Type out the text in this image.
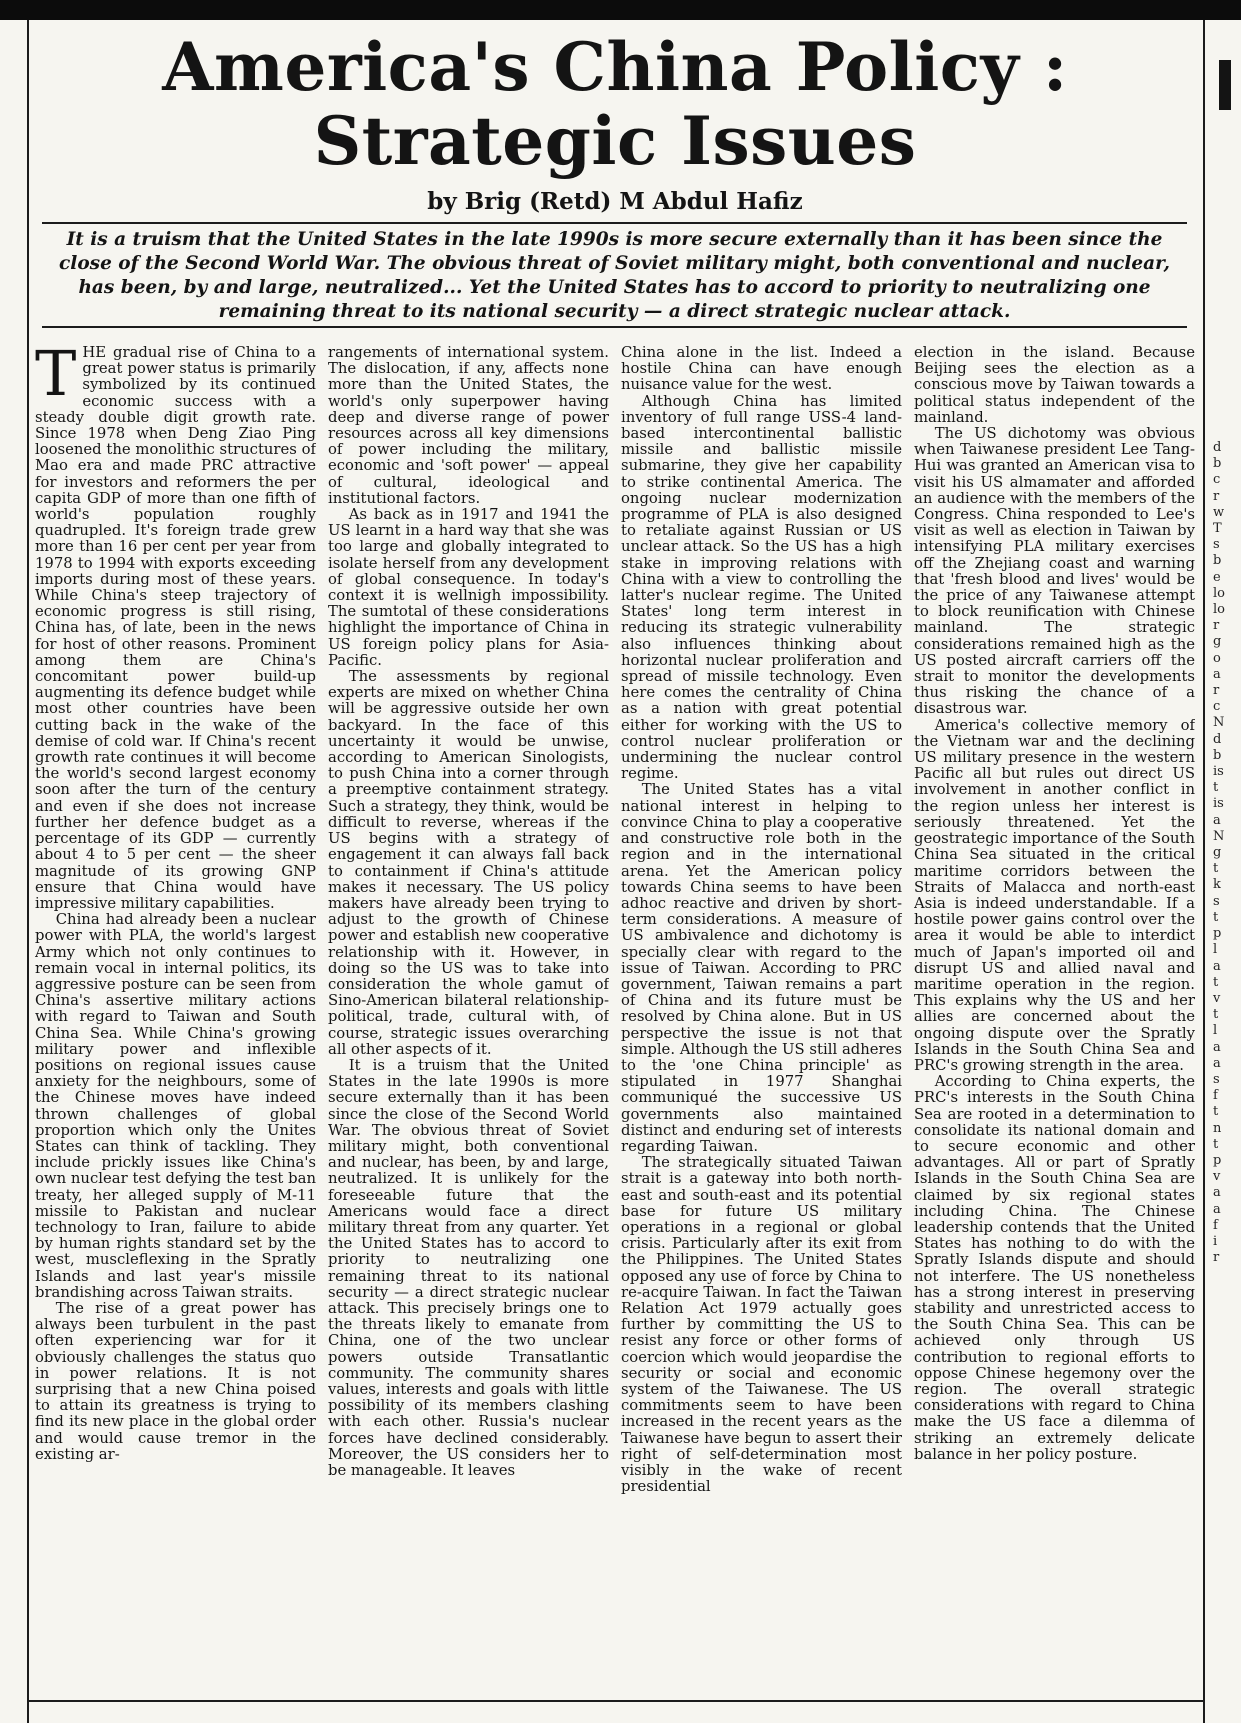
America's China Policy :
Strategic Issues
by Brig (Retd) M Abdul Hafiz
It is a truism that the United States in the late 1990s is more secure externally than it has been since the close of the Second World War. The obvious threat of Soviet military might, both conventional and nuclear, has been, by and large, neutralized... Yet the United States has to accord to priority to neutralizing one remaining threat to its national security — a direct strategic nuclear attack.

THE gradual rise of China to a great power status is primarily symbolized by its continued economic success with a steady double digit growth rate. Since 1978 when Deng Ziao Ping loosened the monolithic structures of Mao era and made PRC attractive for investors and reformers the per capita GDP of more than one fifth of world's population roughly quadrupled. It's foreign trade grew more than 16 per cent per year from 1978 to 1994 with exports exceeding imports during most of these years. While China's steep trajectory of economic progress is still rising, China has, of late, been in the news for host of other reasons. Prominent among them are China's concomitant power build-up augmenting its defence budget while most other countries have been cutting back in the wake of the demise of cold war. If China's recent growth rate continues it will become the world's second largest economy soon after the turn of the century and even if she does not increase further her defence budget as a percentage of its GDP — currently about 4 to 5 per cent — the sheer magnitude of its growing GNP ensure that China would have impressive military capabilities.

China had already been a nuclear power with PLA, the world's largest Army which not only continues to remain vocal in internal politics, its aggressive posture can be seen from China's assertive military actions with regard to Taiwan and South China Sea. While China's growing military power and inflexible positions on regional issues cause anxiety for the neighbours, some of the Chinese moves have indeed thrown challenges of global proportion which only the Unites States can think of tackling. They include prickly issues like China's own nuclear test defying the test ban treaty, her alleged supply of M-11 missile to Pakistan and nuclear technology to Iran, failure to abide by human rights standard set by the west, muscleflexing in the Spratly Islands and last year's missile brandishing across Taiwan straits.

The rise of a great power has always been turbulent in the past often experiencing war for it obviously challenges the status quo in power relations. It is not surprising that a new China poised to attain its greatness is trying to find its new place in the global order and would cause tremor in the existing ar-

rangements of international system. The dislocation, if any, affects none more than the United States, the world's only superpower having deep and diverse range of power resources across all key dimensions of power including the military, economic and 'soft power' — appeal of cultural, ideological and institutional factors.

As back as in 1917 and 1941 the US learnt in a hard way that she was too large and globally integrated to isolate herself from any development of global consequence. In today's context it is wellnigh impossibility. The sumtotal of these considerations highlight the importance of China in US foreign policy plans for Asia-Pacific.

The assessments by regional experts are mixed on whether China will be aggressive outside her own backyard. In the face of this uncertainty it would be unwise, according to American Sinologists, to push China into a corner through a preemptive containment strategy. Such a strategy, they think, would be difficult to reverse, whereas if the US begins with a strategy of engagement it can always fall back to containment if China's attitude makes it necessary. The US policy makers have already been trying to adjust to the growth of Chinese power and establish new cooperative relationship with it. However, in doing so the US was to take into consideration the whole gamut of Sino-American bilateral relationship-political, trade, cultural with, of course, strategic issues overarching all other aspects of it.

It is a truism that the United States in the late 1990s is more secure externally than it has been since the close of the Second World War. The obvious threat of Soviet military might, both conventional and nuclear, has been, by and large, neutralized. It is unlikely for the foreseeable future that the Americans would face a direct military threat from any quarter. Yet the United States has to accord to priority to neutralizing one remaining threat to its national security — a direct strategic nuclear attack. This precisely brings one to the threats likely to emanate from China, one of the two unclear powers outside Transatlantic community. The community shares values, interests and goals with little possibility of its members clashing with each other. Russia's nuclear forces have declined considerably. Moreover, the US considers her to be manageable. It leaves

China alone in the list. Indeed a hostile China can have enough nuisance value for the west.

Although China has limited inventory of full range USS-4 land-based intercontinental ballistic missile and ballistic missile submarine, they give her capability to strike continental America. The ongoing nuclear modernization programme of PLA is also designed to retaliate against Russian or US unclear attack. So the US has a high stake in improving relations with China with a view to controlling the latter's nuclear regime. The United States' long term interest in reducing its strategic vulnerability also influences thinking about horizontal nuclear proliferation and spread of missile technology. Even here comes the centrality of China as a nation with great potential either for working with the US to control nuclear proliferation or undermining the nuclear control regime.

The United States has a vital national interest in helping to convince China to play a cooperative and constructive role both in the region and in the international arena. Yet the American policy towards China seems to have been adhoc reactive and driven by short-term considerations. A measure of US ambivalence and dichotomy is specially clear with regard to the issue of Taiwan. According to PRC government, Taiwan remains a part of China and its future must be resolved by China alone. But in US perspective the issue is not that simple. Although the US still adheres to the 'one China principle' as stipulated in 1977 Shanghai communiqué the successive US governments also maintained distinct and enduring set of interests regarding Taiwan.

The strategically situated Taiwan strait is a gateway into both north-east and south-east and its potential base for future US military operations in a regional or global crisis. Particularly after its exit from the Philippines. The United States opposed any use of force by China to re-acquire Taiwan. In fact the Taiwan Relation Act 1979 actually goes further by committing the US to resist any force or other forms of coercion which would jeopardise the security or social and economic system of the Taiwanese. The US commitments seem to have been increased in the recent years as the Taiwanese have begun to assert their right of self-determination most visibly in the wake of recent presidential

election in the island. Because Beijing sees the election as a conscious move by Taiwan towards a political status independent of the mainland.

The US dichotomy was obvious when Taiwanese president Lee Tang-Hui was granted an American visa to visit his US almamater and afforded an audience with the members of the Congress. China responded to Lee's visit as well as election in Taiwan by intensifying PLA military exercises off the Zhejiang coast and warning that 'fresh blood and lives' would be the price of any Taiwanese attempt to block reunification with Chinese mainland. The strategic considerations remained high as the US posted aircraft carriers off the strait to monitor the developments thus risking the chance of a disastrous war.

America's collective memory of the Vietnam war and the declining US military presence in the western Pacific all but rules out direct US involvement in another conflict in the region unless her interest is seriously threatened. Yet the geostrategic importance of the South China Sea situated in the critical maritime corridors between the Straits of Malacca and north-east Asia is indeed understandable. If a hostile power gains control over the area it would be able to interdict much of Japan's imported oil and disrupt US and allied naval and maritime operation in the region. This explains why the US and her allies are concerned about the ongoing dispute over the Spratly Islands in the South China Sea and PRC's growing strength in the area.

According to China experts, the PRC's interests in the South China Sea are rooted in a determination to consolidate its national domain and to secure economic and other advantages. All or part of Spratly Islands in the South China Sea are claimed by six regional states including China. The Chinese leadership contends that the United States has nothing to do with the Spratly Islands dispute and should not interfere. The US nonetheless has a strong interest in preserving stability and unrestricted access to the South China Sea. This can be achieved only through US contribution to regional efforts to oppose Chinese hegemony over the region. The overall strategic considerations with regard to China make the US face a dilemma of striking an extremely delicate balance in her policy posture.

d
b
c
r
w
T
s
b
e
lo
lo
r
g
o
a
r
c
N
d
b
is
t
is
a
N
g
t
k
s
t
p
l
a
t
v
t
l
a
a
s
f
t
n
t
p
v
a
a
f
i
r
